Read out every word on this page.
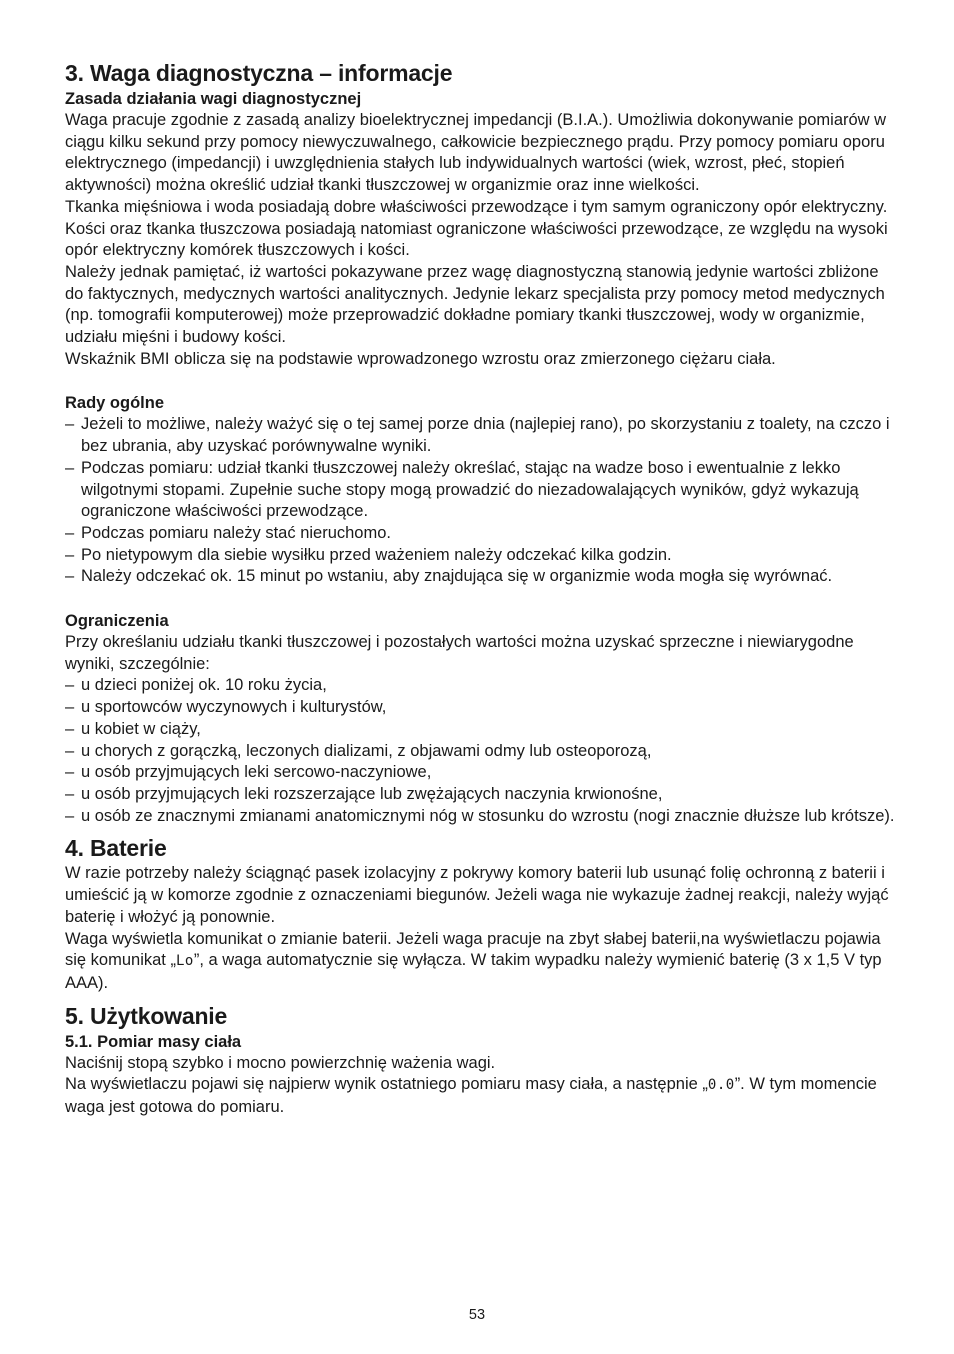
3. Waga diagnostyczna – informacje
Zasada działania wagi diagnostycznej

Waga pracuje zgodnie z zasadą analizy bioelektrycznej impedancji (B.I.A.). Umożliwia dokonywanie pomiarów w ciągu kilku sekund przy pomocy niewyczuwalnego, całkowicie bezpiecznego prądu. Przy pomocy pomiaru oporu elektrycznego (impedancji) i uwzględnienia stałych lub indywidualnych wartości (wiek, wzrost, płeć, stopień aktywności) można określić udział tkanki tłuszczowej w organizmie oraz inne wielkości.

Tkanka mięśniowa i woda posiadają dobre właściwości przewodzące i tym samym ograniczony opór elektryczny.

Kości oraz tkanka tłuszczowa posiadają natomiast ograniczone właściwości przewodzące, ze względu na wysoki opór elektryczny komórek tłuszczowych i kości.

Należy jednak pamiętać, iż wartości pokazywane przez wagę diagnostyczną stanowią jedynie wartości zbliżone do faktycznych, medycznych wartości analitycznych. Jedynie lekarz specjalista przy pomocy metod medycznych (np. tomografii komputerowej) może przeprowadzić dokładne pomiary tkanki tłuszczowej, wody w organizmie, udziału mięśni i budowy kości.

Wskaźnik BMI oblicza się na podstawie wprowadzonego wzrostu oraz zmierzonego ciężaru ciała.

Rady ogólne
– Jeżeli to możliwe, należy ważyć się o tej samej porze dnia (najlepiej rano), po skorzystaniu z toalety, na czczo i bez ubrania, aby uzyskać porównywalne wyniki.
– Podczas pomiaru: udział tkanki tłuszczowej należy określać, stając na wadze boso i ewentualnie z lekko wilgotnymi stopami. Zupełnie suche stopy mogą prowadzić do niezadowalających wyników, gdyż wykazują ograniczone właściwości przewodzące.
– Podczas pomiaru należy stać nieruchomo.
– Po nietypowym dla siebie wysiłku przed ważeniem należy odczekać kilka godzin.
– Należy odczekać ok. 15 minut po wstaniu, aby znajdująca się w organizmie woda mogła się wyrównać.
Ograniczenia

Przy określaniu udziału tkanki tłuszczowej i pozostałych wartości można uzyskać sprzeczne i niewiarygodne wyniki, szczególnie:

– u dzieci poniżej ok. 10 roku życia,
– u sportowców wyczynowych i kulturystów,
– u kobiet w ciąży,
– u chorych z gorączką, leczonych dializami, z objawami odmy lub osteoporozą,
– u osób przyjmujących leki sercowo-naczyniowe,
– u osób przyjmujących leki rozszerzające lub zwężających naczynia krwionośne,
– u osób ze znacznymi zmianami anatomicznymi nóg w stosunku do wzrostu (nogi znacznie dłuższe lub krótsze).
4. Baterie

W razie potrzeby należy ściągnąć pasek izolacyjny z pokrywy komory baterii lub usunąć folię ochronną z baterii i umieścić ją w komorze zgodnie z oznaczeniami biegunów. Jeżeli waga nie wykazuje żadnej reakcji, należy wyjąć baterię i włożyć ją ponownie.

Waga wyświetla komunikat o zmianie baterii. Jeżeli waga pracuje na zbyt słabej baterii,na wyświetlaczu pojawia się komunikat „Lo”, a waga automatycznie się wyłącza. W takim wypadku należy wymienić baterię (3 x 1,5 V typ AAA).

5. Użytkowanie
5.1. Pomiar masy ciała

Naciśnij stopą szybko i mocno powierzchnię ważenia wagi.

Na wyświetlaczu pojawi się najpierw wynik ostatniego pomiaru masy ciała, a następnie „0.0”. W tym momencie waga jest gotowa do pomiaru.

53
